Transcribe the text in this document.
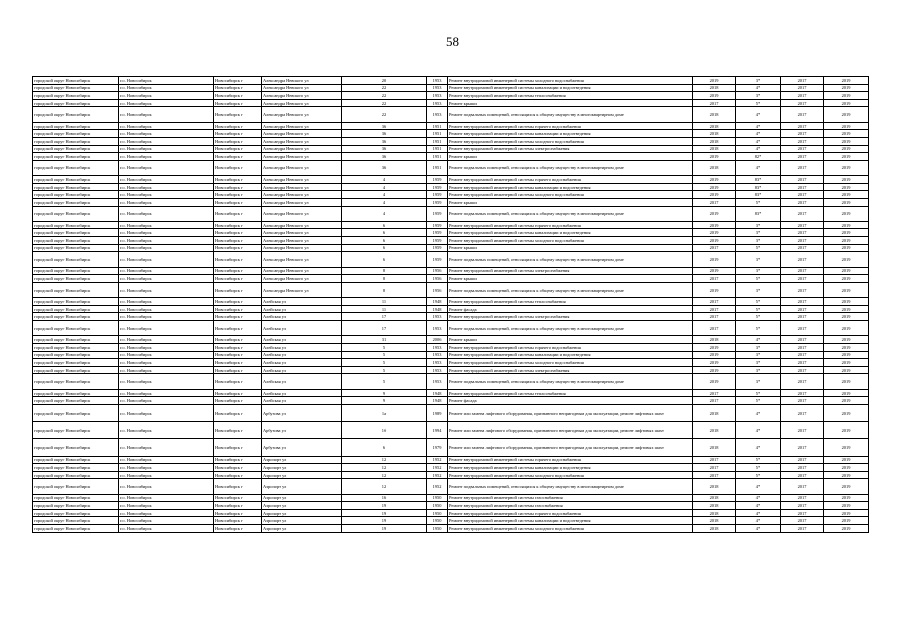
58
городской округ Новосибирск	г.о. Новосибирск	Новосибирск г	Александра Невского ул	20	1953	Ремонт внутридомовой инженерной системы холодного водоснабжения	2019	3*	2017	2019
городской округ Новосибирск	г.о. Новосибирск	Новосибирск г	Александра Невского ул	22	1953	Ремонт внутридомовой инженерной системы канализации и водоотведения	2018	4*	2017	2019
городской округ Новосибирск	г.о. Новосибирск	Новосибирск г	Александра Невского ул	22	1953	Ремонт внутридомовой инженерной системы теплоснабжения	2019	3*	2017	2019
городской округ Новосибирск	г.о. Новосибирск	Новосибирск г	Александра Невского ул	22	1953	Ремонт крыши	2017	5*	2017	2019
городской округ Новосибирск	г.о. Новосибирск	Новосибирск г	Александра Невского ул	22	1953	Ремонт подвальных помещений, относящихся к общему имуществу в многоквартирном доме	2018	4*	2017	2019
городской округ Новосибирск	г.о. Новосибирск	Новосибирск г	Александра Невского ул	36	1951	Ремонт внутридомовой инженерной системы горячего водоснабжения	2018	4*	2017	2019
городской округ Новосибирск	г.о. Новосибирск	Новосибирск г	Александра Невского ул	36	1951	Ремонт внутридомовой инженерной системы канализации и водоотведения	2018	4*	2017	2019
городской округ Новосибирск	г.о. Новосибирск	Новосибирск г	Александра Невского ул	36	1951	Ремонт внутридомовой инженерной системы холодного водоснабжения	2018	4*	2017	2019
городской округ Новосибирск	г.о. Новосибирск	Новосибирск г	Александра Невского ул	36	1951	Ремонт внутридомовой инженерной системы электроснабжения	2018	4*	2017	2019
городской округ Новосибирск	г.о. Новосибирск	Новосибирск г	Александра Невского ул	36	1951	Ремонт крыши	2019	82*	2017	2019
городской округ Новосибирск	г.о. Новосибирск	Новосибирск г	Александра Невского ул	36	1951	Ремонт подвальных помещений, относящихся к общему имуществу в многоквартирном доме	2018	4*	2017	2019
городской округ Новосибирск	г.о. Новосибирск	Новосибирск г	Александра Невского ул	4	1959	Ремонт внутридомовой инженерной системы горячего водоснабжения	2019	83*	2017	2019
городской округ Новосибирск	г.о. Новосибирск	Новосибирск г	Александра Невского ул	4	1959	Ремонт внутридомовой инженерной системы канализации и водоотведения	2019	83*	2017	2019
городской округ Новосибирск	г.о. Новосибирск	Новосибирск г	Александра Невского ул	4	1959	Ремонт внутридомовой инженерной системы холодного водоснабжения	2019	83*	2017	2019
городской округ Новосибирск	г.о. Новосибирск	Новосибирск г	Александра Невского ул	4	1959	Ремонт крыши	2017	5*	2017	2019
городской округ Новосибирск	г.о. Новосибирск	Новосибирск г	Александра Невского ул	4	1959	Ремонт подвальных помещений, относящихся к общему имуществу в многоквартирном доме	2019	83*	2017	2019
городской округ Новосибирск	г.о. Новосибирск	Новосибирск г	Александра Невского ул	6	1959	Ремонт внутридомовой инженерной системы горячего водоснабжения	2019	3*	2017	2019
городской округ Новосибирск	г.о. Новосибирск	Новосибирск г	Александра Невского ул	6	1959	Ремонт внутридомовой инженерной системы канализации и водоотведения	2019	3*	2017	2019
городской округ Новосибирск	г.о. Новосибирск	Новосибирск г	Александра Невского ул	6	1959	Ремонт внутридомовой инженерной системы холодного водоснабжения	2019	3*	2017	2019
городской округ Новосибирск	г.о. Новосибирск	Новосибирск г	Александра Невского ул	6	1959	Ремонт крыши	2017	5*	2017	2019
городской округ Новосибирск	г.о. Новосибирск	Новосибирск г	Александра Невского ул	6	1959	Ремонт подвальных помещений, относящихся к общему имуществу в многоквартирном доме	2019	3*	2017	2019
городской округ Новосибирск	г.о. Новосибирск	Новосибирск г	Александра Невского ул	8	1956	Ремонт внутридомовой инженерной системы электроснабжения	2019	3*	2017	2019
городской округ Новосибирск	г.о. Новосибирск	Новосибирск г	Александра Невского ул	8	1956	Ремонт крыши	2017	5*	2017	2019
городской округ Новосибирск	г.о. Новосибирск	Новосибирск г	Александра Невского ул	8	1956	Ремонт подвальных помещений, относящихся к общему имуществу в многоквартирном доме	2019	3*	2017	2019
городской округ Новосибирск	г.о. Новосибирск	Новосибирск г	Алейская ул	11	1948	Ремонт внутридомовой инженерной системы теплоснабжения	2017	5*	2017	2019
городской округ Новосибирск	г.о. Новосибирск	Новосибирск г	Алейская ул	11	1948	Ремонт фасада	2017	5*	2017	2019
городской округ Новосибирск	г.о. Новосибирск	Новосибирск г	Алейская ул	17	1953	Ремонт внутридомовой инженерной системы электроснабжения	2017	5*	2017	2019
городской округ Новосибирск	г.о. Новосибирск	Новосибирск г	Алейская ул	17	1953	Ремонт подвальных помещений, относящихся к общему имуществу в многоквартирном доме	2017	5*	2017	2019
городской округ Новосибирск	г.о. Новосибирск	Новосибирск г	Алейская ул	31	2006	Ремонт крыши	2018	4*	2017	2019
городской округ Новосибирск	г.о. Новосибирск	Новосибирск г	Алейская ул	5	1953	Ремонт внутридомовой инженерной системы горячего водоснабжения	2019	3*	2017	2019
городской округ Новосибирск	г.о. Новосибирск	Новосибирск г	Алейская ул	5	1953	Ремонт внутридомовой инженерной системы канализации и водоотведения	2019	3*	2017	2019
городской округ Новосибирск	г.о. Новосибирск	Новосибирск г	Алейская ул	5	1953	Ремонт внутридомовой инженерной системы холодного водоснабжения	2019	3*	2017	2019
городской округ Новосибирск	г.о. Новосибирск	Новосибирск г	Алейская ул	5	1953	Ремонт внутридомовой инженерной системы электроснабжения	2019	3*	2017	2019
городской округ Новосибирск	г.о. Новосибирск	Новосибирск г	Алейская ул	5	1953	Ремонт подвальных помещений, относящихся к общему имуществу в многоквартирном доме	2019	3*	2017	2019
городской округ Новосибирск	г.о. Новосибирск	Новосибирск г	Алейская ул	9	1948	Ремонт внутридомовой инженерной системы теплоснабжения	2017	5*	2017	2019
городской округ Новосибирск	г.о. Новосибирск	Новосибирск г	Алейская ул	9	1948	Ремонт фасада	2017	5*	2017	2019
городской округ Новосибирск	г.о. Новосибирск	Новосибирск г	Арбузова ул	1а	1989	Ремонт или замена лифтового оборудования, признанного непригодным для эксплуатации, ремонт лифтовых шахт	2018	4*	2017	2019
городской округ Новосибирск	г.о. Новосибирск	Новосибирск г	Арбузова ул	1б	1994	Ремонт или замена лифтового оборудования, признанного непригодным для эксплуатации, ремонт лифтовых шахт	2018	4*	2017	2019
городской округ Новосибирск	г.о. Новосибирск	Новосибирск г	Арбузова ул	6	1979	Ремонт или замена лифтового оборудования, признанного непригодным для эксплуатации, ремонт лифтовых шахт	2018	4*	2017	2019
городской округ Новосибирск	г.о. Новосибирск	Новосибирск г	Аэропорт ул	12	1952	Ремонт внутридомовой инженерной системы горячего водоснабжения	2017	5*	2017	2019
городской округ Новосибирск	г.о. Новосибирск	Новосибирск г	Аэропорт ул	12	1952	Ремонт внутридомовой инженерной системы канализации и водоотведения	2017	5*	2017	2019
городской округ Новосибирск	г.о. Новосибирск	Новосибирск г	Аэропорт ул	12	1952	Ремонт внутридомовой инженерной системы холодного водоснабжения	2017	5*	2017	2019
городской округ Новосибирск	г.о. Новосибирск	Новосибирск г	Аэропорт ул	12	1952	Ремонт подвальных помещений, относящихся к общему имуществу в многоквартирном доме	2018	4*	2017	2019
городской округ Новосибирск	г.о. Новосибирск	Новосибирск г	Аэропорт ул	16	1950	Ремонт внутридомовой инженерной системы газоснабжения	2018	4*	2017	2019
городской округ Новосибирск	г.о. Новосибирск	Новосибирск г	Аэропорт ул	19	1950	Ремонт внутридомовой инженерной системы газоснабжения	2018	4*	2017	2019
городской округ Новосибирск	г.о. Новосибирск	Новосибирск г	Аэропорт ул	19	1950	Ремонт внутридомовой инженерной системы горячего водоснабжения	2018	4*	2017	2019
городской округ Новосибирск	г.о. Новосибирск	Новосибирск г	Аэропорт ул	19	1950	Ремонт внутридомовой инженерной системы канализации и водоотведения	2018	4*	2017	2019
городской округ Новосибирск	г.о. Новосибирск	Новосибирск г	Аэропорт ул	19	1950	Ремонт внутридомовой инженерной системы холодного водоснабжения	2018	4*	2017	2019
